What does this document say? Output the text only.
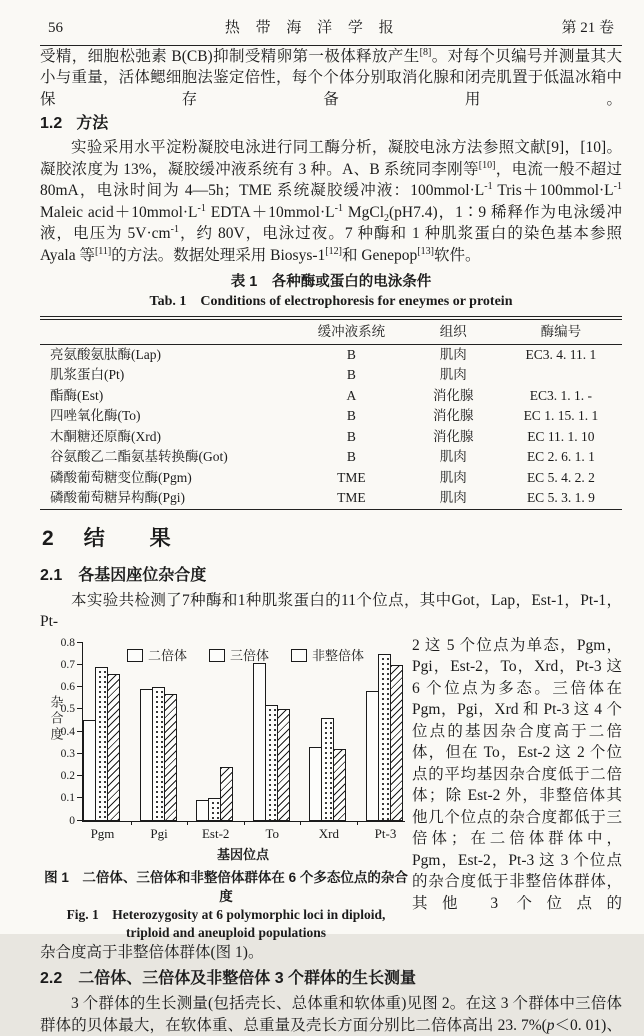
56	热 带 海 洋 学 报	第 21 卷

受精，细胞松弛素 B(CB)抑制受精卵第一极体释放产生[8]。对每个贝编号并测量其大小与重量，活体鳃细胞法鉴定倍性，每个个体分别取消化腺和闭壳肌置于低温冰箱中保存备用。

1.2 方法

实验采用水平淀粉凝胶电泳进行同工酶分析，凝胶电泳方法参照文献[9]，[10]。凝胶浓度为 13%，凝胶缓冲液系统有 3 种。A、B 系统同李刚等[10]，电流一般不超过 80mA，电泳时间为 4—5h；TME 系统凝胶缓冲液：$100mmol\cdot L^{-1}$ $Tris+100mmol\cdot L^{-1}$ Maleic $acid+10mmol\cdot L^{-1}$ $EDTA+10mmol\cdot L^{-1}$ MgCl$_2$(pH7.4)，1∶9 稀释作为电泳缓冲液，电压为 $5V\cdot cm^{-1}$，约 80V，电泳过夜。7 种酶和 1 种肌浆蛋白的染色基本参照 Ayala 等[11]的方法。数据处理采用 Biosys-1[12]和 Genepop[13]软件。

表 1　各种酶或蛋白的电泳条件
Tab. 1　Conditions of electrophoresis for eneymes or protein
	缓冲液系统	组织	酶编号
亮氨酸氨肽酶(Lap)	B	肌肉	EC3. 4. 11. 1
肌浆蛋白(Pt)	B	肌肉	
酯酶(Est)	A	消化腺	EC3. 1. 1. -
四唑氧化酶(To)	B	消化腺	EC 1. 15. 1. 1
木酮糖还原酶(Xrd)	B	消化腺	EC 11. 1. 10
谷氨酸乙二酯氨基转换酶(Got)	B	肌肉	EC 2. 6. 1. 1
磷酸葡萄糖变位酶(Pgm)	TME	肌肉	EC 5. 4. 2. 2
磷酸葡萄糖异构酶(Pgi)	TME	肌肉	EC 5. 3. 1. 9
2 结　果
2.1 各基因座位杂合度

本实验共检测了7种酶和1种肌浆蛋白的11个位点，其中Got，Lap，Est-1，Pt-1，Pt-

杂合度
二倍体	三倍体	非整倍体
0
0.1
0.2
0.3
0.4
0.5
0.6
0.7
0.8
Pgm	Pgi	Est-2	To	Xrd	Pt-3
基因位点
图 1　二倍体、三倍体和非整倍体群体在 6 个多态位点的杂合度
Fig. 1　Heterozygosity at 6 polymorphic loci in diploid,
triploid and aneuploid populations
2 这 5 个位点为单态，Pgm，Pgi，Est-2，To，Xrd，Pt-3 这 6 个位点为多态。三倍体在 Pgm，Pgi，Xrd 和 Pt-3 这 4 个位点的基因杂合度高于二倍体，但在 To，Est-2 这 2 个位点的平均基因杂合度低于二倍体；除 Est-2 外，非整倍体其他几个位点的杂合度都低于三倍体；在二倍体群体中，Pgm，Est-2，Pt-3 这 3 个位点的杂合度低于非整倍体群体，其他 3 个位点的

杂合度高于非整倍体群体(图 1)。

2.2 二倍体、三倍体及非整倍体 3 个群体的生长测量

3 个群体的生长测量(包括壳长、总体重和软体重)见图 2。在这 3 个群体中三倍体群体的贝体最大，在软体重、总重量及壳长方面分别比二倍体高出 23. 7%(p＜0. 01)、
